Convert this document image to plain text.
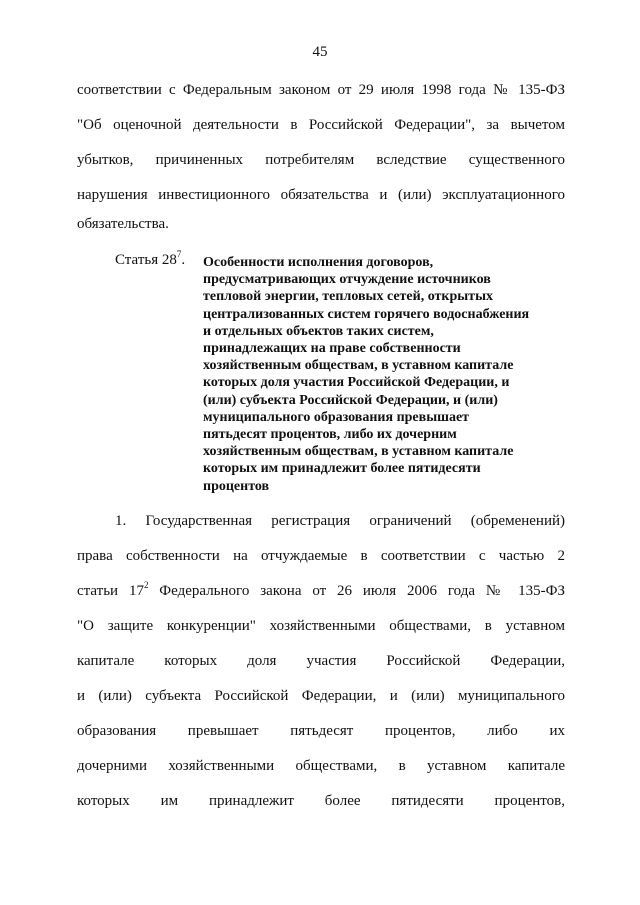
45
соответствии с Федеральным законом от 29 июля 1998 года № 135-ФЗ
"Об оценочной деятельности в Российской Федерации", за вычетом
убытков, причиненных потребителям вследствие существенного
нарушения инвестиционного обязательства и (или) эксплуатационного
обязательства.
Статья $28^7$. Особенности исполнения договоров,
предусматривающих отчуждение источников
тепловой энергии, тепловых сетей, открытых
централизованных систем горячего водоснабжения
и отдельных объектов таких систем,
принадлежащих на праве собственности
хозяйственным обществам, в уставном капитале
которых доля участия Российской Федерации, и
(или) субъекта Российской Федерации, и (или)
муниципального образования превышает
пятьдесят процентов, либо их дочерним
хозяйственным обществам, в уставном капитале
которых им принадлежит более пятидесяти
процентов
1. Государственная регистрация ограничений (обременений)
права собственности на отчуждаемые в соответствии с частью 2
статьи $17^2$ Федерального закона от 26 июля 2006 года № 135-ФЗ
"О защите конкуренции" хозяйственными обществами, в уставном
капитале которых доля участия Российской Федерации,
и (или) субъекта Российской Федерации, и (или) муниципального
образования превышает пятьдесят процентов, либо их
дочерними хозяйственными обществами, в уставном капитале
которых им принадлежит более пятидесяти процентов,
